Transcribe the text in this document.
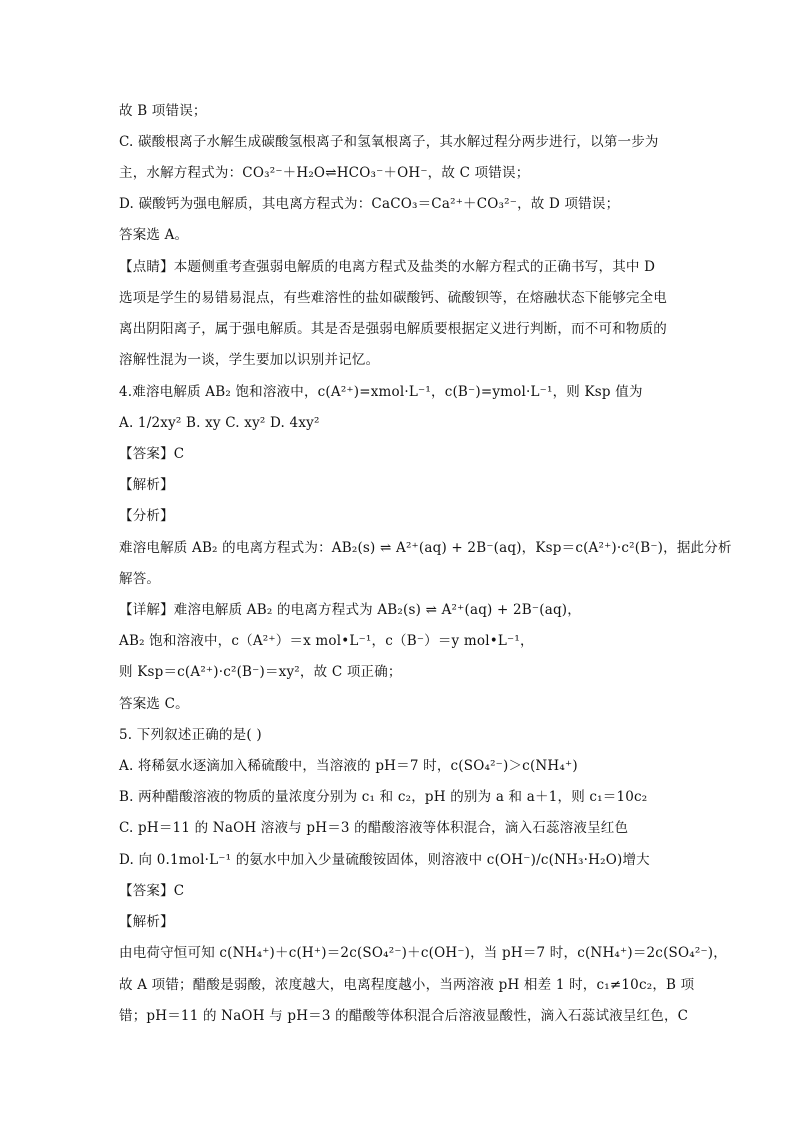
故 B 项错误；
C. 碳酸根离子水解生成碳酸氢根离子和氢氧根离子，其水解过程分两步进行，以第一步为
主，水解方程式为：CO₃²⁻＋H₂O⇌HCO₃⁻＋OH⁻，故 C 项错误；
D. 碳酸钙为强电解质，其电离方程式为：CaCO₃＝Ca²⁺＋CO₃²⁻，故 D 项错误；
答案选 A。
【点睛】本题侧重考查强弱电解质的电离方程式及盐类的水解方程式的正确书写，其中 D
选项是学生的易错易混点，有些难溶性的盐如碳酸钙、硫酸钡等，在熔融状态下能够完全电
离出阴阳离子，属于强电解质。其是否是强弱电解质要根据定义进行判断，而不可和物质的
溶解性混为一谈，学生要加以识别并记忆。
4.难溶电解质 AB₂ 饱和溶液中，c(A²⁺)=xmol·L⁻¹，c(B⁻)=ymol·L⁻¹，则 Ksp 值为
A. 1/2xy² B. xy C. xy² D. 4xy²
【答案】C
【解析】
【分析】
难溶电解质 AB₂ 的电离方程式为：AB₂(s) ⇌ A²⁺(aq) + 2B⁻(aq)，Ksp＝c(A²⁺)·c²(B⁻)，据此分析
解答。
【详解】难溶电解质 AB₂ 的电离方程式为 AB₂(s) ⇌ A²⁺(aq) + 2B⁻(aq)，
AB₂ 饱和溶液中，c（A²⁺）＝x mol•L⁻¹，c（B⁻）＝y mol•L⁻¹，
则 Ksp＝c(A²⁺)·c²(B⁻)＝xy²，故 C 项正确；
答案选 C。
5. 下列叙述正确的是( )
A. 将稀氨水逐滴加入稀硫酸中，当溶液的 pH＝7 时，c(SO₄²⁻)＞c(NH₄⁺)
B. 两种醋酸溶液的物质的量浓度分别为 c₁ 和 c₂，pH 的别为 a 和 a＋1，则 c₁＝10c₂
C. pH＝11 的 NaOH 溶液与 pH＝3 的醋酸溶液等体积混合，滴入石蕊溶液呈红色
D. 向 0.1mol·L⁻¹ 的氨水中加入少量硫酸铵固体，则溶液中 c(OH⁻)/c(NH₃·H₂O)增大
【答案】C
【解析】
由电荷守恒可知 c(NH₄⁺)＋c(H⁺)＝2c(SO₄²⁻)＋c(OH⁻)，当 pH＝7 时，c(NH₄⁺)＝2c(SO₄²⁻)，
故 A 项错；醋酸是弱酸，浓度越大，电离程度越小，当两溶液 pH 相差 1 时，c₁≠10c₂，B 项
错；pH＝11 的 NaOH 与 pH＝3 的醋酸等体积混合后溶液显酸性，滴入石蕊试液呈红色，C
